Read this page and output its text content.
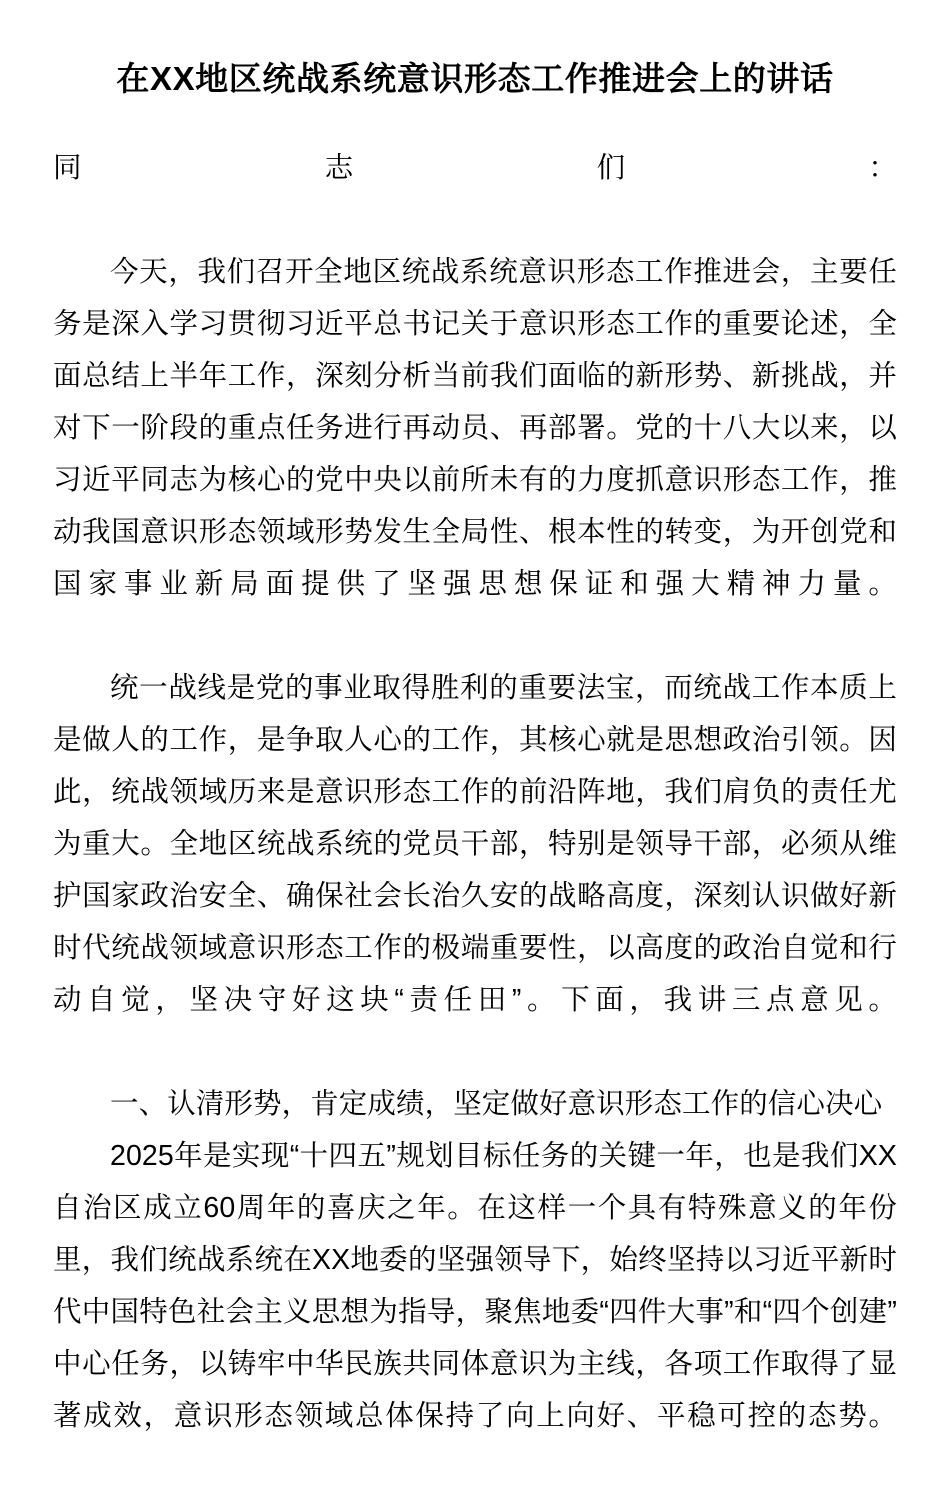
在XX地区统战系统意识形态工作推进会上的讲话

同志们：

今天，我们召开全地区统战系统意识形态工作推进会，主要任务是深入学习贯彻习近平总书记关于意识形态工作的重要论述，全面总结上半年工作，深刻分析当前我们面临的新形势、新挑战，并对下一阶段的重点任务进行再动员、再部署。党的十八大以来，以习近平同志为核心的党中央以前所未有的力度抓意识形态工作，推动我国意识形态领域形势发生全局性、根本性的转变，为开创党和国家事业新局面提供了坚强思想保证和强大精神力量。

统一战线是党的事业取得胜利的重要法宝，而统战工作本质上是做人的工作，是争取人心的工作，其核心就是思想政治引领。因此，统战领域历来是意识形态工作的前沿阵地，我们肩负的责任尤为重大。全地区统战系统的党员干部，特别是领导干部，必须从维护国家政治安全、确保社会长治久安的战略高度，深刻认识做好新时代统战领域意识形态工作的极端重要性，以高度的政治自觉和行动自觉，坚决守好这块“责任田”。下面，我讲三点意见。

一、认清形势，肯定成绩，坚定做好意识形态工作的信心决心

2025年是实现“十四五”规划目标任务的关键一年，也是我们XX自治区成立60周年的喜庆之年。在这样一个具有特殊意义的年份里，我们统战系统在XX地委的坚强领导下，始终坚持以习近平新时代中国特色社会主义思想为指导，聚焦地委“四件大事”和“四个创建”中心任务，以铸牢中华民族共同体意识为主线，各项工作取得了显著成效，意识形态领域总体保持了向上向好、平稳可控的态势。
